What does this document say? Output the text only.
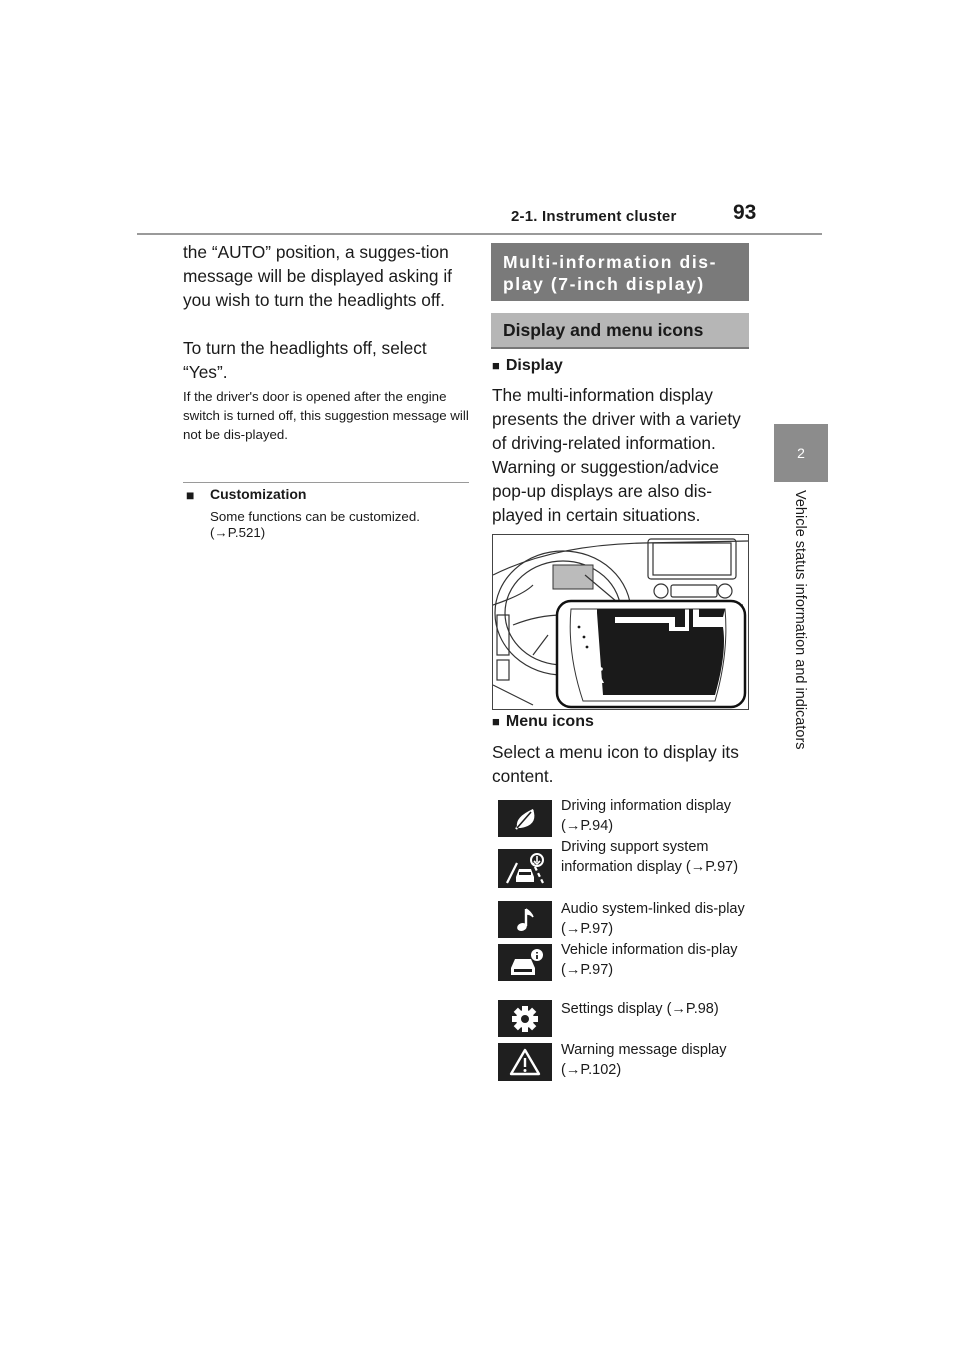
2-1. Instrument cluster	93
2
Vehicle status information and indicators
the “AUTO” position, a sugges-tion message will be displayed asking if you wish to turn the headlights off.
To turn the headlights off, select “Yes”.
If the driver's door is opened after the engine switch is turned off, this suggestion message will not be dis-played.
■ Customization
Some functions can be customized. (→P.521)
Multi-information dis-play (7-inch display)
Display and menu icons
■ Display
The multi-information display presents the driver with a variety of driving-related information.
Warning or suggestion/advice pop-up displays are also dis-played in certain situations.
■ Menu icons
Select a menu icon to display its content.
Driving information display (→P.94)
Driving support system information display (→P.97)
Audio system-linked dis-play (→P.97)
Vehicle information dis-play (→P.97)
Settings display (→P.98)
Warning message display (→P.102)
